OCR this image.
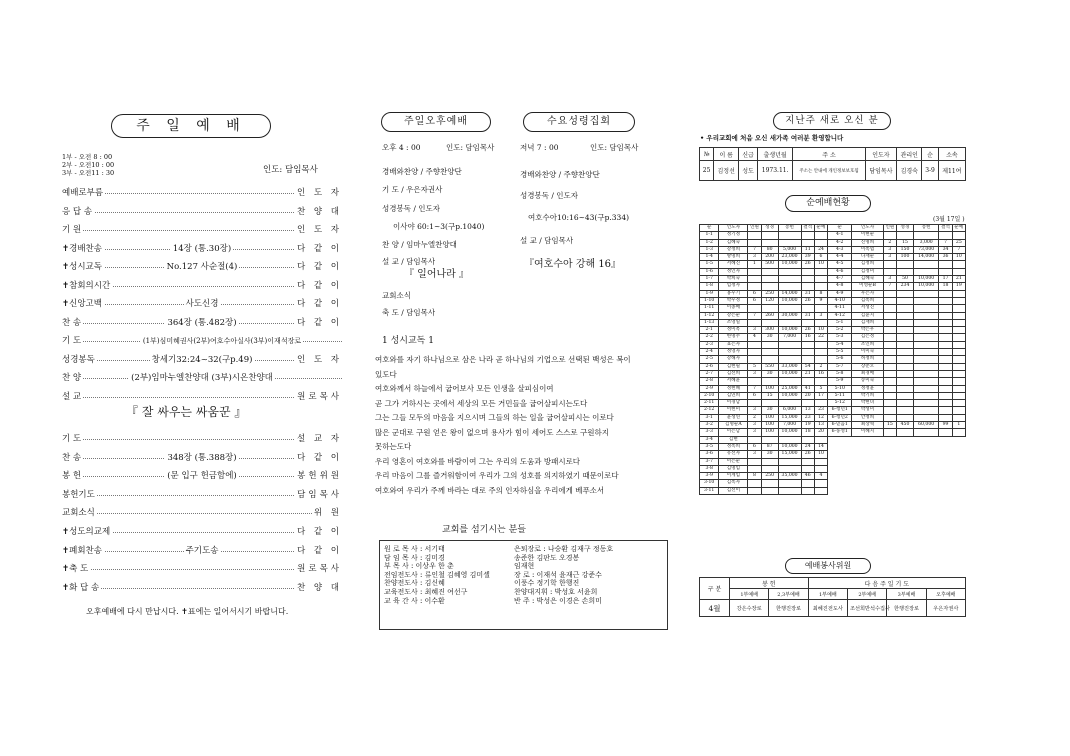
주 일 예 배
1부 - 오전 8 : 00
2부 - 오전10 : 00
3부 - 오전11 : 30	인도: 담임목사
예배로부름	인 도 자
응 답 송	찬 양 대
기 원	인 도 자
✝경배찬송	14장 (통.30장)	다 같 이
✝성시교독	No.127 사순절(4)	다 같 이
✝참회의시간	다 같 이
✝신앙고백	사도신경	다 같 이
찬 송	364장 (통.482장)	다 같 이
기 도	(1부)심미혜권사(2부)여호수아실사(3부)이재석장로
성경봉독	창세기32:24~32(구p.49)	인 도 자
찬 양	(2부)임마누엘찬양대 (3부)시온찬양대
설 교	원로목사
『 잘 싸우는 싸움꾼 』
기 도	설 교 자
찬 송	348장 (통.388장)	다 같 이
봉 헌	(문 입구 헌금함에)	봉헌위원
봉헌기도	담임목사
교회소식	위 원
✝성도의교제	다 같 이
✝폐회찬송	주기도송	다 같 이
✝축 도	원로목사
✝화 답 송	찬 양 대
오후예배에 다시 만납시다. ✝표에는 일어서시기 바랍니다.
주일오후예배
오후 4 : 00	인도: 담임목사
경배와찬양 / 주향찬양단
기 도 / 우은자권사
성경봉독 / 인도자
이사야 60:1~3(구p.1040)
찬 양 / 임마누엘찬양대
설 교 / 담임목사
『 일어나라 』
교회소식
축 도 / 담임목사
수요성령집회
저녁 7 : 00	인도: 담임목사
경배와찬양 / 주향찬양단
성경봉독 / 인도자
여호수아10:16~43(구p.334)
설 교 / 담임목사
『여호수아 강해 16』
1 성시교독 1
여호와를 자기 하나님으로 삼은 나라 곧 하나님의 기업으로 선택된 백성은 복이
있도다
여호와께서 하늘에서 굽어보사 모든 인생을 살피심이여
곧 그가 거하시는 곳에서 세상의 모든 거민들을 굽어살피시는도다
그는 그들 모두의 마음을 지으시며 그들의 하는 일을 굽어살피시는 이로다
많은 군대로 구원 얻은 왕이 없으며 용사가 힘이 세어도 스스로 구원하지
못하는도다
우리 영혼이 여호와를 바람이여 그는 우리의 도움과 방패시로다
우리 마음이 그를 즐거워함이여 우리가 그의 성호를 의지하였기 때문이로다
여호와여 우리가 주께 바라는 대로 주의 인자하심을 우리에게 베푸소서
교회를 섬기시는 분들
원 로 목 사 : 서기태
담 임 목 사 : 김미경
부 목 사 : 이상우 한 춘
전임전도사 : 류인철 김혜영 김미셸
찬양전도사 : 김신혜
교육전도사 : 최혜진 여선구
교 육 간 사 : 이수환
은퇴장로 : 나승환 김재구 정동호
송준한 김판도 오경봉
임재현
장 로 : 이재석 윤재근 강준수
이풍수 정기학 한행진
찬양대지휘 : 박성호 서윤희
반 주 : 박성은 이경은 손희미
지난주 새로 오신 분
• 우리교회에 처음 오신 새가족 여러분 환영합니다
№	이 름	신급	출생년월	주 소	인도자	관리인	순	소속
25	김정선	성도	1973.11.	주소는 안내에 개인정보보호됨	담임목사	김경숙	3-9	제11여
순예배현황
(3월 17일 )
순	인도자	인원	성경	봉헌	결석	순예	순	인도자	인원	성경	봉헌	결석	순예
1-1	정기정						4-1	이현순					
1-2	김혜숙						4-2	신명희	2	15	3,000	7	25
1-3	강정희	7	80	5,000	11	24	4-3	이옥엽	3	150	73,000	34	7
1-4	방명희	3	200	23,000	39	6	4-4	나재순	3	100	14,000	36	10
1-5	서혜진	1	500	10,000	26	10	4-5	김정희					
1-6	정인자						4-6	김정미					
1-7	박희숙						4-7	김혜숙	3	50	10,000	17	21
1-8	임정자						4-8	이영순B	7	234	10,000	18	19
1-9	홍우기	6	250	14,000	31	8	4-9	우은자					
1-10	박우정	6	120	10,000	26	9	4-10	김옥희					
1-11	이종배						4-11	서성진					
1-12	강은순	7	260	30,000	31	3	4-12	김윤지					
1-13	조영일						5-1	김재희					
2-1	정미옥	3	300	10,000	26	10	5-2	박은우					
2-2	한명주	4	30	7,000	16	22	5-3	김은정					
2-3	표은자						5-4	조인희					
2-4	정영자						5-5	이미숙					
2-5	강해자						5-6	허정희					
2-6	김현필	5	550	33,000	54	2	5-7	장춘오					
2-7	김선희	3	30	10,000	21	16	5-8	최경배					
2-8	서혜윤						5-9	송미숙					
2-9	정현혜	7	100	25,000	41	5	5-10	정정윤					
2-10	김연희	6	15	10,000	20	17	5-11	박기희					
2-11	이경남						5-12	박현녀					
2-12	이현미	3	30	6,000	13	23	6-청년1	박성미					
3-1	윤성연	2	100	15,000	23	12	6-청년2	안정희					
3-2	김명순A	3	100	7,000	19	13	6-믿음1	최상혁	15	450	60,000	99	1
3-3	이은남	3	100	10,000	18	20	6-풍성1	이혜지					
3-4	김현												
3-5	정옥희	6	87	10,000	24	14							
3-6	유선자	3	30	15,000	26	10							
3-7	이은순												
3-8	김명임												
3-9	이계임	8	250	35,000	46	4							
3-10	김옥자												
3-11	김선이												
예배봉사위원
구 분	봉 헌		다 음 주 일 기 도			
	1부예배	2,3부예배	1부예배	2부예배	3부예배	오후예배
4월	강은수장로	한행진장로	최혜진전도사	조선희반석수집사	한행진장로	우은자권사
